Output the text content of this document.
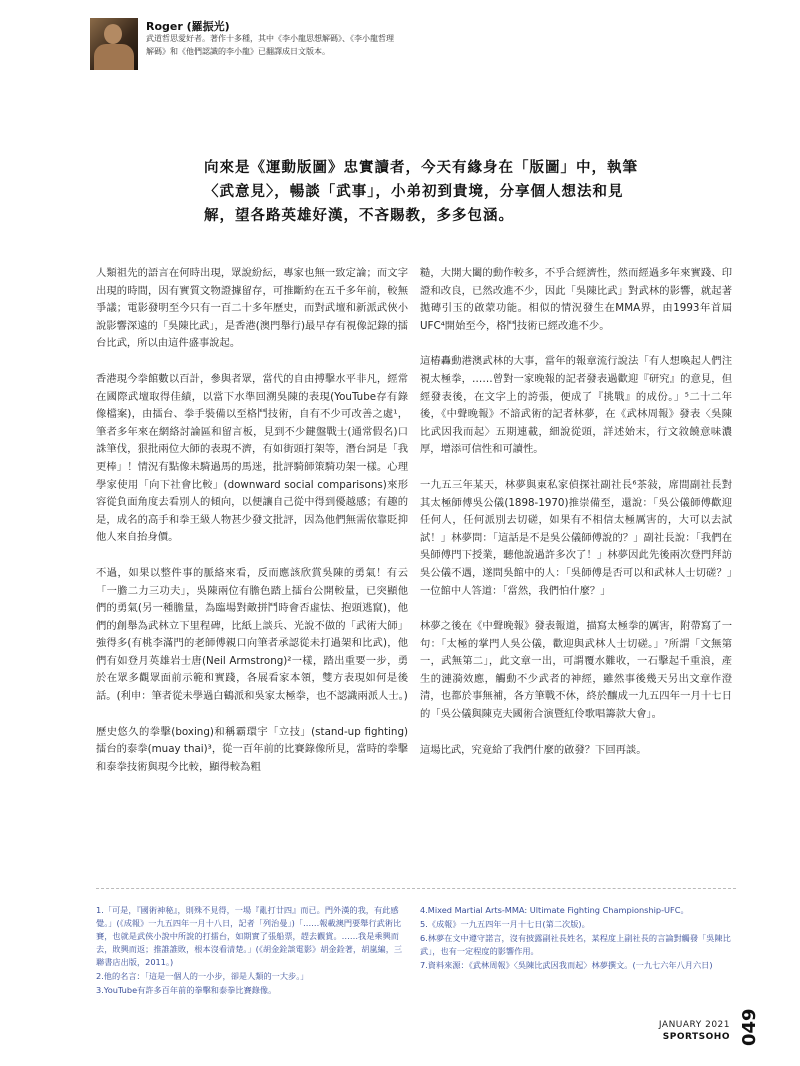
Roger (羅振光)
武道哲思愛好者。著作十多種，其中《李小龍思想解碼》、《李小龍哲理解碼》和《他們認識的李小龍》已翻譯成日文版本。
向來是《運動版圖》忠實讀者，今天有緣身在「版圖」中，執筆〈武意見〉，暢談「武事」，小弟初到貴境，分享個人想法和見解，望各路英雄好漢，不吝賜教，多多包涵。

人類祖先的語言在何時出現，眾說紛紜，專家也無一致定論；而文字出現的時間，因有實質文物證據留存，可推斷約在五千多年前，較無爭議；電影發明至今只有一百二十多年歷史，而對武壇和新派武俠小說影響深遠的「吳陳比武」，是香港(澳門舉行)最早存有視像記錄的擂台比武，所以由這件盛事說起。

香港現今拳館數以百計，參與者眾，當代的自由搏擊水平非凡，經常在國際武壇取得佳績，以當下水準回溯吳陳的表現(YouTube存有錄像檔案)，由擂台、拳手裝備以至格鬥技術，自有不少可改善之處¹，筆者多年來在網絡討論區和留言板，見到不少鍵盤戰士(通常假名)口誅筆伐，狠批兩位大師的表現不濟，有如街頭打架等，潛台詞是「我更棒」！情況有點像未騎過馬的馬迷，批評騎師策騎功架一樣。心理學家使用「向下社會比較」(downward social comparisons)來形容從負面角度去看別人的傾向，以便讓自己從中得到優越感；有趣的是，成名的高手和拳王級人物甚少發文批評，因為他們無需依靠貶抑他人來自抬身價。

不過，如果以整件事的脈絡來看，反而應該欣賞吳陳的勇氣！有云「一膽二力三功夫」，吳陳兩位有膽色踏上擂台公開較量，已突顯他們的勇氣(另一種膽量，為臨場對敵拼鬥時會否虛怯、抱頭逃竄)，他們的創舉為武林立下里程碑，比紙上談兵、光說不做的「武術大師」強得多(有桃李滿門的老師傅親口向筆者承認從未打過架和比武)，他們有如登月英雄岩士唐(Neil Armstrong)²一樣，踏出重要一步，勇於在眾多觀眾面前示範和實踐，各展看家本領，雙方表現如何是後話。(利申：筆者從未學過白鶴派和吳家太極拳，也不認識兩派人士。)

歷史悠久的拳擊(boxing)和稱霸環宇「立技」(stand-up fighting)擂台的泰拳(muay thai)³，從一百年前的比賽錄像所見，當時的拳擊和泰拳技術與現今比較，顯得較為粗

糙，大開大闔的動作較多，不乎合經濟性，然而經過多年來實踐、印證和改良，已然改進不少，因此「吳陳比武」對武林的影響，就起著拋磚引玉的啟蒙功能。相似的情況發生在MMA界，由1993年首屆UFC⁴開始至今，格鬥技術已經改進不少。

這樁轟動港澳武林的大事，當年的報章流行說法「有人想喚起人們注視太極拳，……曾對一家晚報的記者發表過歡迎『研究』的意見，但經發表後，在文字上的誇張，便成了『挑戰』的成份。」⁵二十二年後，《中聲晚報》不諳武術的記者林夢，在《武林周報》發表〈吳陳比武因我而起〉五期連載，細說從頭，詳述始末，行文敘饒意味濃厚，增添可信性和可讀性。

一九五三年某天，林夢與東私家偵探社副社長⁶茶敍，席間副社長對其太極師傅吳公儀(1898-1970)推崇備至，還說：「吳公儀師傅歡迎任何人，任何派別去切磋，如果有不相信太極厲害的，大可以去試試！」林夢問：「這話是不是吳公儀師傅說的？」副社長說：「我們在吳師傅門下授業，聽他說過許多次了！」林夢因此先後兩次登門拜訪吳公儀不遇，遂問吳館中的人：「吳師傅是否可以和武林人士切磋？」一位館中人答道：「當然，我們怕什麼？」

林夢之後在《中聲晚報》發表報道，描寫太極拳的厲害，附帶寫了一句：「太極的掌門人吳公儀，歡迎與武林人士切磋。」⁷所謂「文無第一，武無第二」，此文章一出，可謂覆水難收，一石擊起千重浪，產生的漣漪效應，觸動不少武者的神經，雖然事後幾天另出文章作澄清，也都於事無補，各方筆戰不休，終於釀成一九五四年一月十七日的「吳公儀與陳克夫國術合演暨紅伶歌唱籌款大會」。

這場比武，究竟給了我們什麼的啟發？下回再談。

1.「可是，『國術神秘』，則殊不見得，一場『亂打廿四』而已。門外漢的我，有此感覺。」(《成報》一九五四年一月十八日，記者「列治曼」)「……報載澳門要舉行武術比賽，也就是武俠小說中所說的打擂台，如期實了張船票，趕去觀賞。……我是乘興而去，敗興而返；推誰誰敗，根本沒看清楚。」(《胡金銓談電影》胡金銓著，胡嵐編，三聯書店出版，2011。)
2.他的名言：「這是一個人的一小步，卻是人類的一大步。」
3.YouTube有許多百年前的拳擊和泰拳比賽錄像。
4.Mixed Martial Arts-MMA: Ultimate Fighting Championship-UFC。
5.《成報》一九五四年一月十七日(第二次版)。
6.林夢在文中遵守諾言，沒有披露副社長姓名，某程度上副社長的言論對觸發「吳陳比武」，也有一定程度的影響作用。
7.資料來源：《武林周報》〈吳陳比武因我而起〉林夢撰文。(一九七六年八月六日)
JANUARY 2021
SPORTSOHO 049
